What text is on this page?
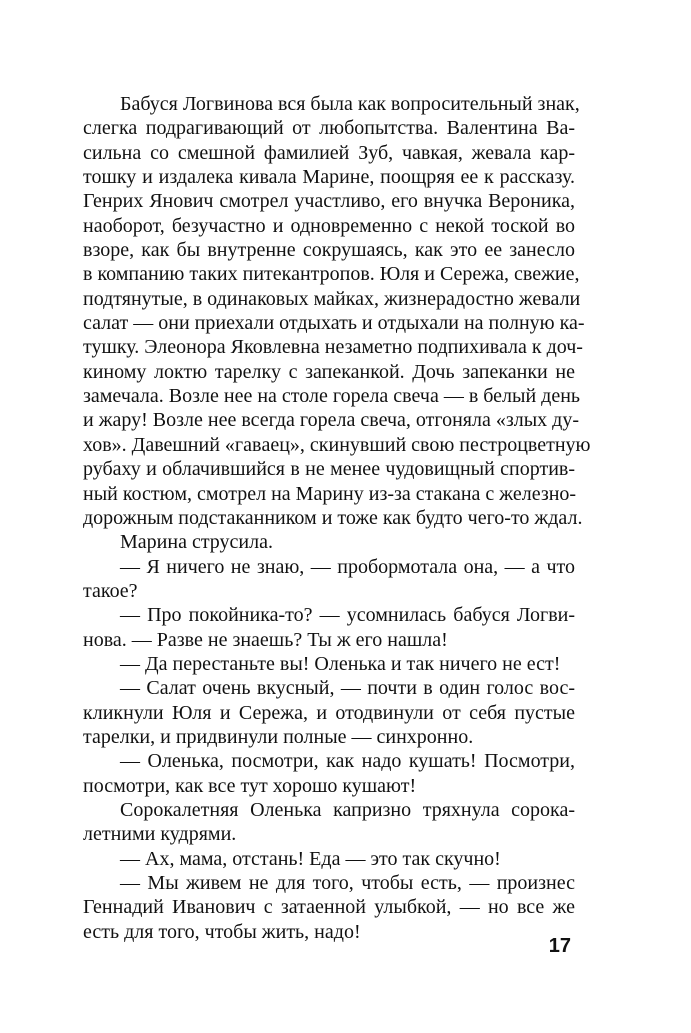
Бабуся Логвинова вся была как вопросительный знак,
слегка подрагивающий от любопытства. Валентина Ва-
сильна со смешной фамилией Зуб, чавкая, жевала кар-
тошку и издалека кивала Марине, поощряя ее к рассказу.
Генрих Янович смотрел участливо, его внучка Вероника,
наоборот, безучастно и одновременно с некой тоской во
взоре, как бы внутренне сокрушаясь, как это ее занесло
в компанию таких питекантропов. Юля и Сережа, свежие,
подтянутые, в одинаковых майках, жизнерадостно жевали
салат — они приехали отдыхать и отдыхали на полную ка-
тушку. Элеонора Яковлевна незаметно подпихивала к доч-
киному локтю тарелку с запеканкой. Дочь запеканки не
замечала. Возле нее на столе горела свеча — в белый день
и жару! Возле нее всегда горела свеча, отгоняла «злых ду-
хов». Давешний «гавaец», скинувший свою пестроцветную
рубаху и облачившийся в не менее чудовищный спортив-
ный костюм, смотрел на Марину из-за стакана с железно-
дорожным подстаканником и тоже как будто чего-то ждал.
Марина струсила.
— Я ничего не знаю, — пробормотала она, — а что
такое?
— Про покойника-то? — усомнилась бабуся Логви-
нова. — Разве не знаешь? Ты ж его нашла!
— Да перестаньте вы! Оленька и так ничего не ест!
— Салат очень вкусный, — почти в один голос вос-
кликнули Юля и Сережа, и отодвинули от себя пустые
тарелки, и придвинули полные — синхронно.
— Оленька, посмотри, как надо кушать! Посмотри,
посмотри, как все тут хорошо кушают!
Сорокалетняя Оленька капризно тряхнула сорока-
летними кудрями.
— Ах, мама, отстань! Еда — это так скучно!
— Мы живем не для того, чтобы есть, — произнес
Геннадий Иванович с затаенной улыбкой, — но все же
есть для того, чтобы жить, надо!
17
